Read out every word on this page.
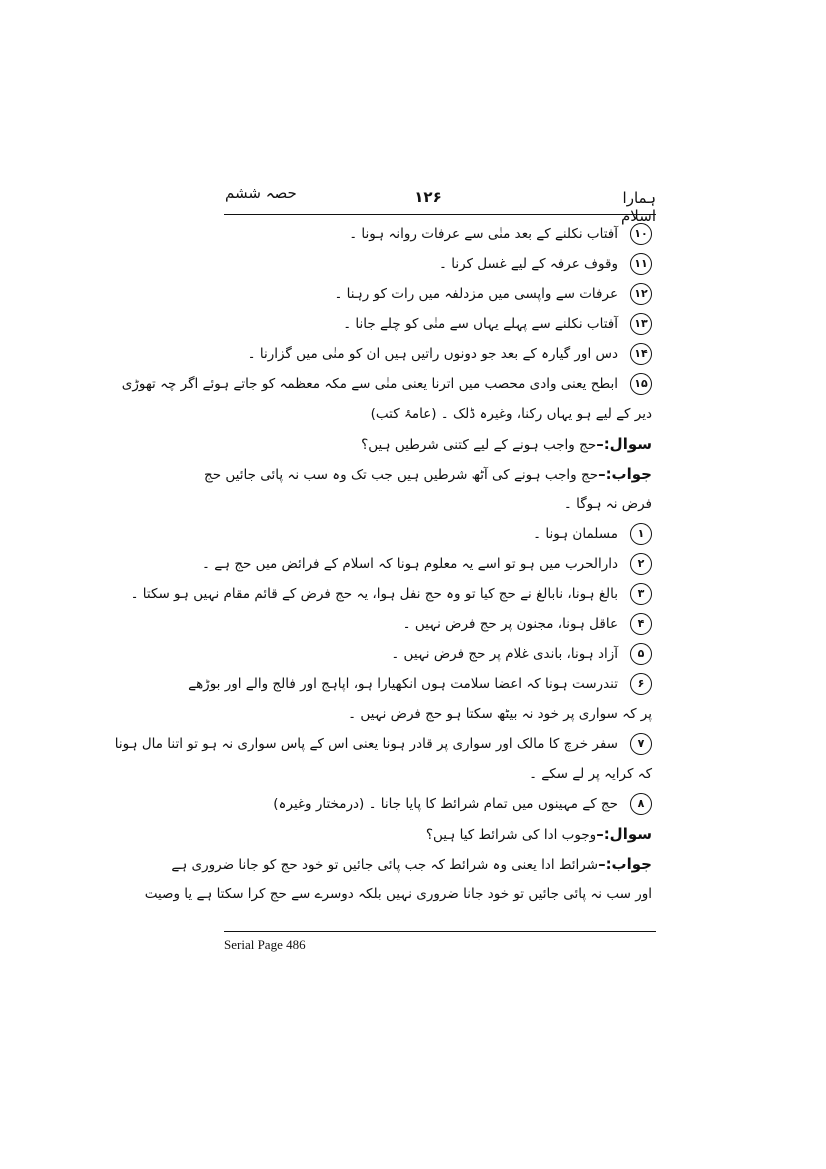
حصہ ششم	۱۲۶	ہمارا اسلام
۱۰آفتاب نکلنے کے بعد منٰی سے عرفات روانہ ہونا ۔
۱۱وقوف عرفہ کے لیے غسل کرنا ۔
۱۲عرفات سے واپسی میں مزدلفہ میں رات کو رہنا ۔
۱۳آفتاب نکلنے سے پہلے یہاں سے منٰی کو چلے جانا ۔
۱۴دس اور گیارہ کے بعد جو دونوں راتیں ہیں ان کو منٰی میں گزارنا ۔
۱۵ابطح یعنی وادی محصب میں اترنا یعنی منٰی سے مکہ معظمہ کو جاتے ہوئے اگر چہ تھوڑی
دیر کے لیے ہو یہاں رکنا، وغیرہ ڈلک ۔ (عامۂ کتب)
سوال:–حج واجب ہونے کے لیے کتنی شرطیں ہیں؟
جواب:–حج واجب ہونے کی آٹھ شرطیں ہیں جب تک وہ سب نہ پائی جائیں حج
فرض نہ ہوگا ۔
۱مسلمان ہونا ۔
۲دارالحرب میں ہو تو اسے یہ معلوم ہونا کہ اسلام کے فرائض میں حج ہے ۔
۳بالغ ہونا، نابالغ نے حج کیا تو وہ حج نفل ہوا، یہ حج فرض کے قائم مقام نہیں ہو سکتا ۔
۴عاقل ہونا، مجنون پر حج فرض نہیں ۔
۵آزاد ہونا، باندی غلام پر حج فرض نہیں ۔
۶تندرست ہونا کہ اعضا سلامت ہوں انکھیارا ہو، اپاہج اور فالج والے اور بوڑھے
پر کہ سواری پر خود نہ بیٹھ سکتا ہو حج فرض نہیں ۔
۷سفر خرچ کا مالک اور سواری پر قادر ہونا یعنی اس کے پاس سواری نہ ہو تو اتنا مال ہونا
کہ کرایہ پر لے سکے ۔
۸حج کے مہینوں میں تمام شرائط کا پایا جانا ۔ (درمختار وغیرہ)
سوال:–وجوب ادا کی شرائط کیا ہیں؟
جواب:–شرائط ادا یعنی وہ شرائط کہ جب پائی جائیں تو خود حج کو جانا ضروری ہے
اور سب نہ پائی جائیں تو خود جانا ضروری نہیں بلکہ دوسرے سے حج کرا سکتا ہے یا وصیت
Serial Page 486
